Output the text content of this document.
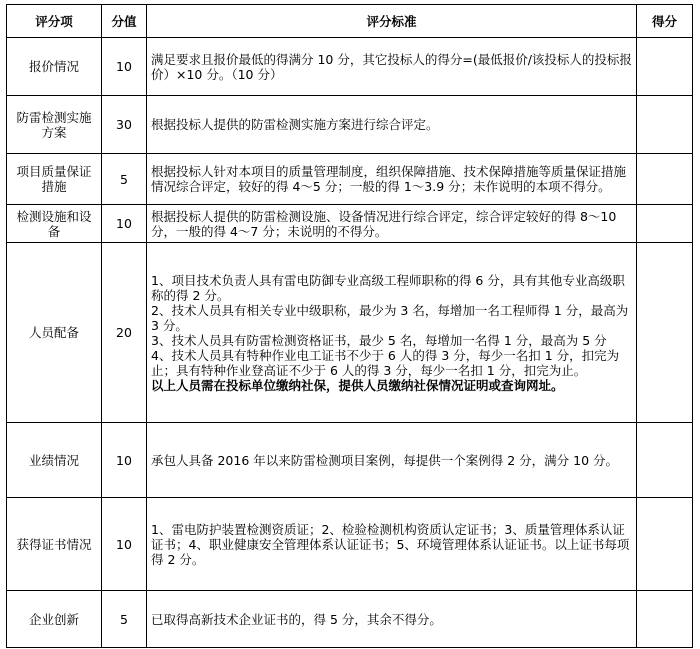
评分项	分值	评分标准	得分
报价情况	10	满足要求且报价最低的得满分 10 分，其它投标人的得分=(最低报价/该投标人的投标报价）×10 分。（10 分）	

防雷检测实施方案	30	根据投标人提供的防雷检测实施方案进行综合评定。	

项目质量保证措施	5	根据投标人针对本项目的质量管理制度，组织保障措施、技术保障措施等质量保证措施情况综合评定，较好的得 4～5 分；一般的得 1～3.9 分；未作说明的本项不得分。	

检测设施和设备	10	根据投标人提供的防雷检测设施、设备情况进行综合评定，综合评定较好的得 8～10 分，一般的得 4～7 分；未说明的不得分。	

人员配备	20	1、项目技术负责人具有雷电防御专业高级工程师职称的得 6 分，具有其他专业高级职称的得 2 分。

2、技术人员具有相关专业中级职称，最少为 3 名，每增加一名工程师得 1 分，最高为 3 分。

3、技术人员具有防雷检测资格证书，最少 5 名，每增加一名得 1 分，最高为 5 分

4、技术人员具有特种作业电工证书不少于 6 人的得 3 分，每少一名扣 1 分，扣完为止；具有特种作业登高证不少于 6 人的得 3 分，每少一名扣 1 分，扣完为止。

以上人员需在投标单位缴纳社保，提供人员缴纳社保情况证明或查询网址。	

业绩情况	10	承包人具备 2016 年以来防雷检测项目案例，每提供一个案例得 2 分，满分 10 分。	

获得证书情况	10	1、雷电防护装置检测资质证；2、检验检测机构资质认定证书；3、质量管理体系认证证书；4、职业健康安全管理体系认证证书；5、环境管理体系认证证书。以上证书每项得 2 分。	

企业创新	5	已取得高新技术企业证书的，得 5 分，其余不得分。	
